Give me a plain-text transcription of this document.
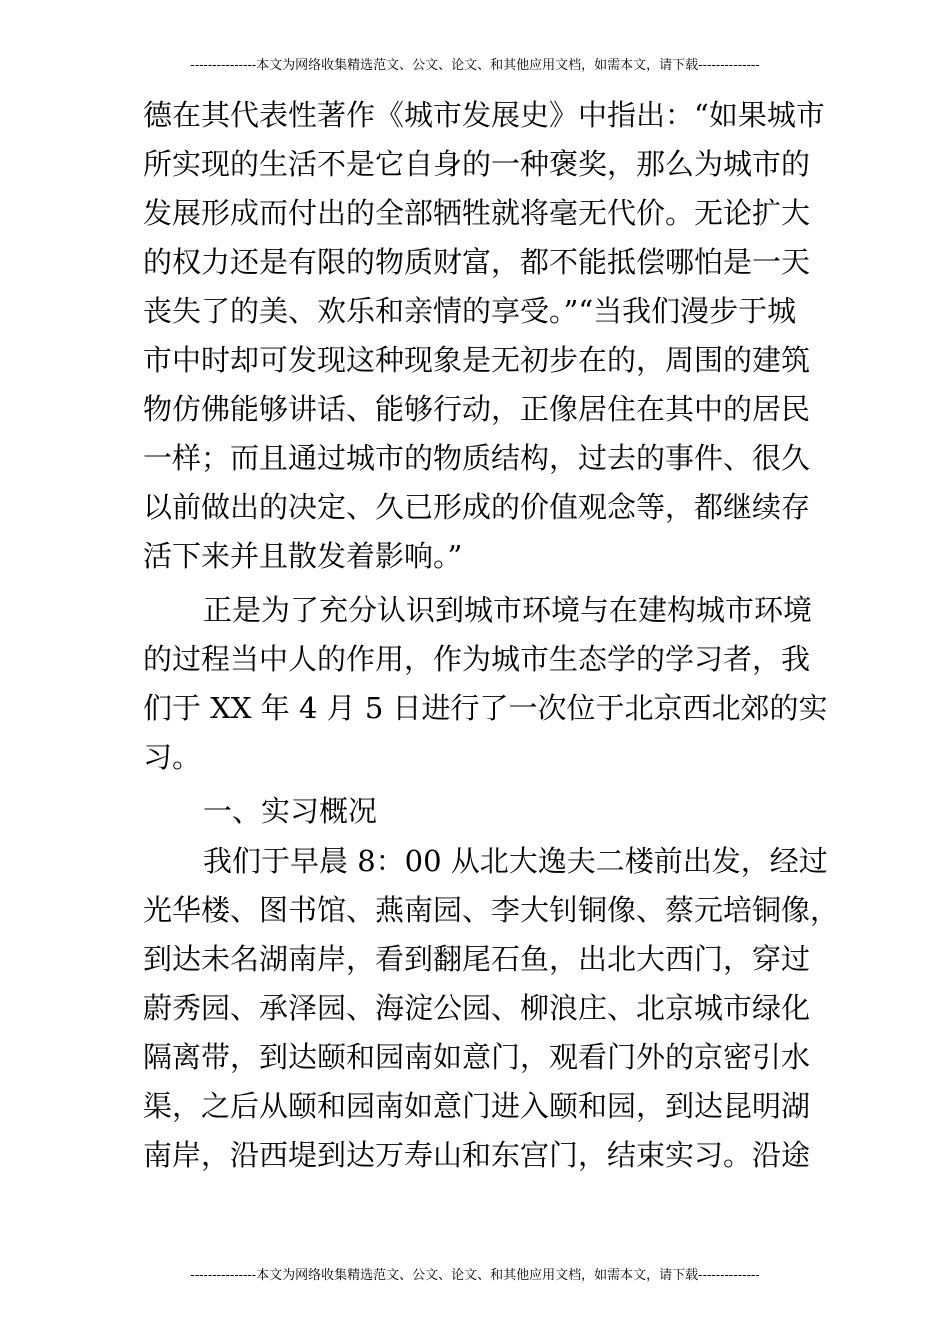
---------------本文为网络收集精选范文、公文、论文、和其他应用文档，如需本文，请下载--------------
德在其代表性著作《城市发展史》中指出：“如果城市
所实现的生活不是它自身的一种褒奖，那么为城市的
发展形成而付出的全部牺牲就将毫无代价。无论扩大
的权力还是有限的物质财富，都不能抵偿哪怕是一天
丧失了的美、欢乐和亲情的享受。”“当我们漫步于城
市中时却可发现这种现象是无初步在的，周围的建筑
物仿佛能够讲话、能够行动，正像居住在其中的居民
一样；而且通过城市的物质结构，过去的事件、很久
以前做出的决定、久已形成的价值观念等，都继续存
活下来并且散发着影响。”
正是为了充分认识到城市环境与在建构城市环境
的过程当中人的作用，作为城市生态学的学习者，我
们于 XX 年 4 月 5 日进行了一次位于北京西北郊的实
习。
一、实习概况
我们于早晨 8：00 从北大逸夫二楼前出发，经过
光华楼、图书馆、燕南园、李大钊铜像、蔡元培铜像，
到达未名湖南岸，看到翻尾石鱼，出北大西门，穿过
蔚秀园、承泽园、海淀公园、柳浪庄、北京城市绿化
隔离带，到达颐和园南如意门，观看门外的京密引水
渠，之后从颐和园南如意门进入颐和园，到达昆明湖
南岸，沿西堤到达万寿山和东宫门，结束实习。沿途
---------------本文为网络收集精选范文、公文、论文、和其他应用文档，如需本文，请下载--------------
